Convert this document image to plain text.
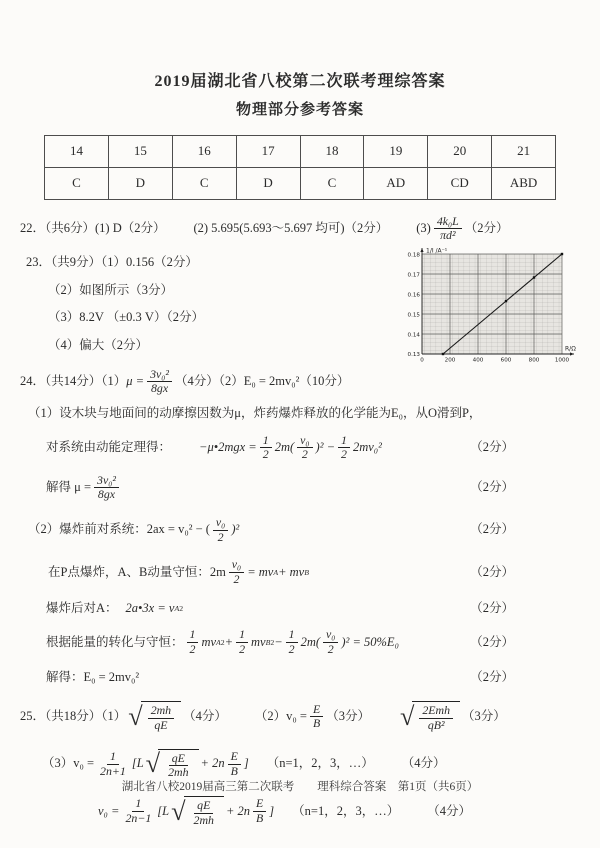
2019届湖北省八校第二次联考理综答案
物理部分参考答案
14	15	16	17	18	19	20	21
C	D	C	D	C	AD	CD	ABD
22．（共6分）(1) D（2分） (2) 5.695(5.693～5.697 均可)（2分） $(3) \frac{\text{4k₀L}}{\text{πd²}} (2$分）
23．（共9分）（1）0.156（2分）
（2）如图所示（3分）
（3）8.2V （±0.3 V）（2分）
（4）偏大（2分）
24．（共14分）（1） $\mu = \frac{\text{3v₀²}}{8gx} (4$分）（2）E₀ = 2mv₀²（10分）
（1）设木块与地面间的动摩擦因数为μ，炸药爆炸释放的化学能为E₀，从O滑到P，
对系统由动能定理得： −μ•2mgx = $\frac{1}{2} 2m( \frac{\text{v₀}}{2} )^2 - \frac{1}{2} 2mv_0^2$	（2分）
解得 $\mu = \frac{\text{3v₀²}}{8gx}$	（2分）
（2）爆炸前对系统：2ax = v₀² − ( $\frac{\text{v₀}}{2} )^2$	（2分）
在P点爆炸，A、B动量守恒：$2m \frac{\text{v₀}}{2}$ = mv A + mv B	（2分）
爆炸后对A： 2a•3x = v A 2	（2分）
根据能量的转化与守恒： $\frac{1}{2}$ mv A $2 + \frac{1}{2}$ mv B $2 - \frac{1}{2} 2m( \frac{\text{v₀}}{2} )^2 = 50\%E_0$	（2分）
解得：E₀ = 2mv₀²	（2分）
25．（共18分）（1） √ $\frac{2mh}{qE} (4$分） $(2)v_0 = \frac{E}{B} (3$分） √ $\frac{\text{2Emh}}{\text{qB²}} (3$分）
$(3)v_0 = \frac{1}{2n+1} [L$ √ $\frac{qE}{2mh} + 2n \frac{E}{B}$ ] （n=1，2，3，…） （4分）
$v_0 = \frac{1}{2n-1} [L$ √ $\frac{qE}{2mh} + 2n \frac{E}{B}$ ] （n=1，2，3，…） （4分）
0.18
0.17
0.16
0.15
0.14
0.13
0	200	400	600	800	1000
1/I /A⁻¹
R/Ω
湖北省八校2019届高三第二次联考　　理科综合答案　第1页（共6页）
